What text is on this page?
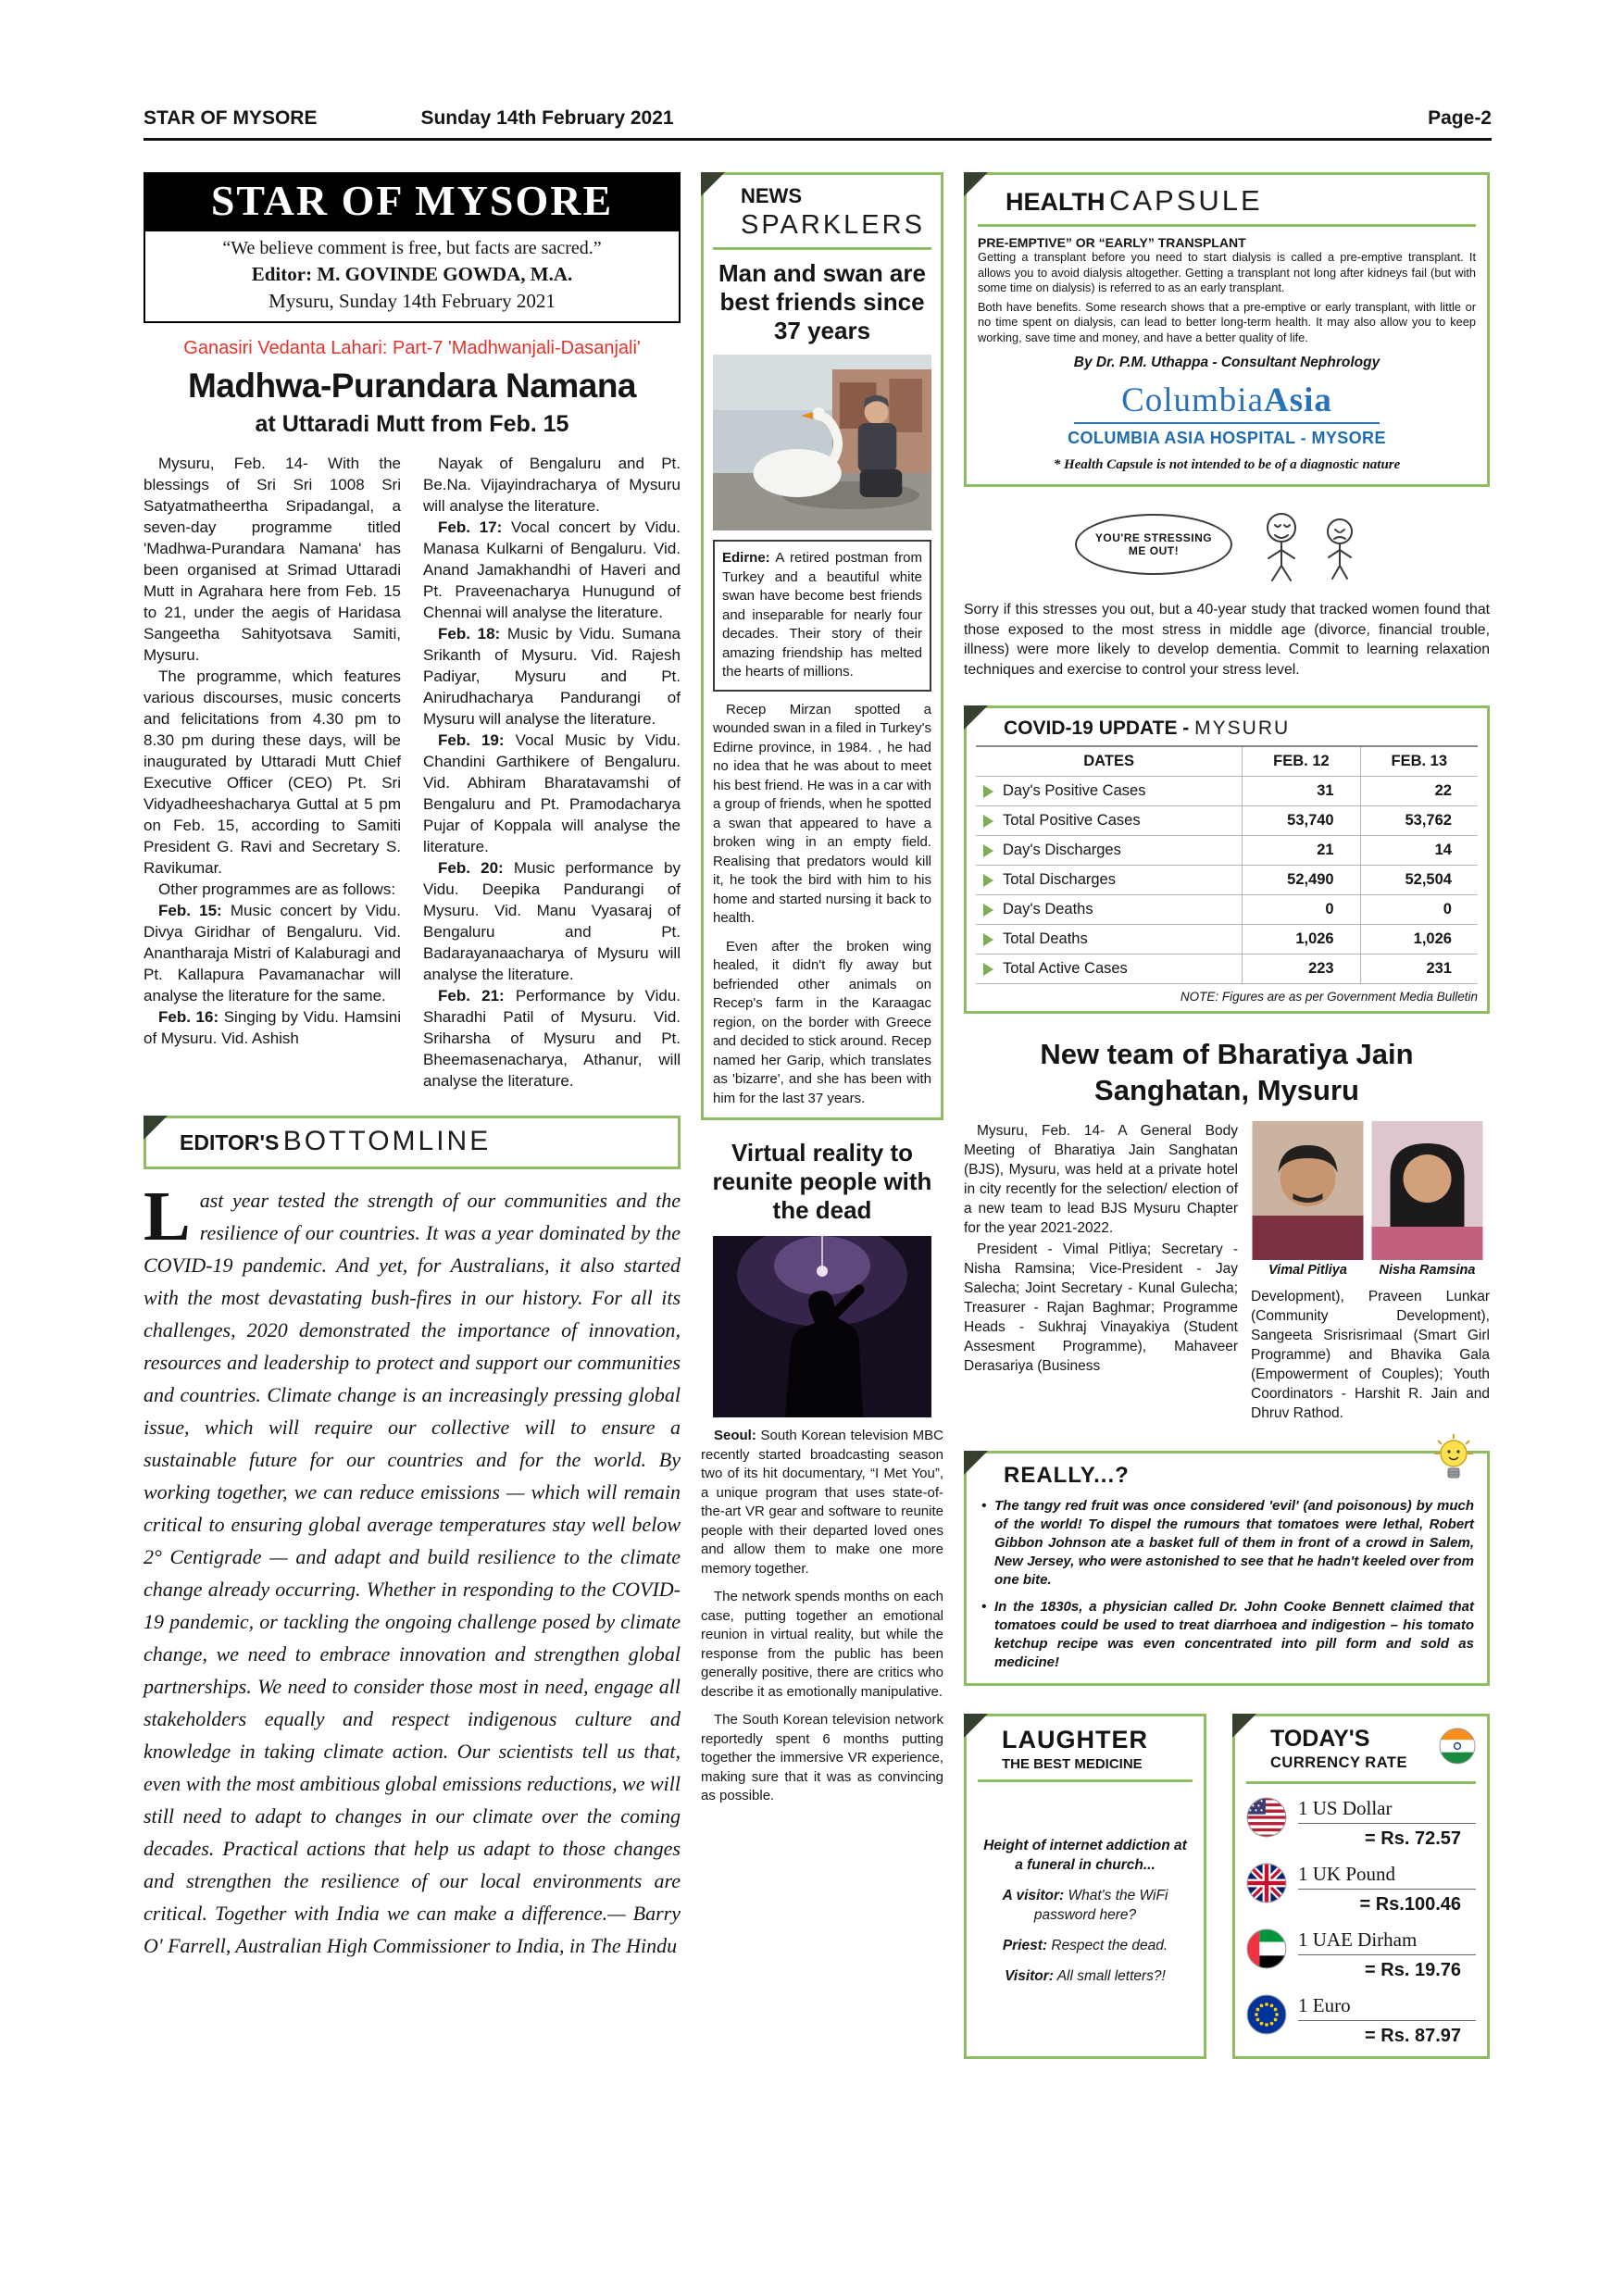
STAR OF MYSORE	Sunday 14th February 2021	Page-2
STAR OF MYSORE
“We believe comment is free, but facts are sacred.”
Editor: M. GOVINDE GOWDA, M.A.
Mysuru, Sunday 14th February 2021
Ganasiri Vedanta Lahari: Part-7 'Madhwanjali-Dasanjali'
Madhwa-Purandara Namana
at Uttaradi Mutt from Feb. 15

Mysuru, Feb. 14- With the blessings of Sri Sri 1008 Sri Satyatmatheertha Sripadangal, a seven-day programme titled 'Madhwa-Purandara Namana' has been organised at Srimad Uttaradi Mutt in Agrahara here from Feb. 15 to 21, under the aegis of Haridasa Sangeetha Sahityotsava Samiti, Mysuru.

The programme, which features various discourses, music concerts and felicitations from 4.30 pm to 8.30 pm during these days, will be inaugurated by Uttaradi Mutt Chief Executive Officer (CEO) Pt. Sri Vidyadheeshacharya Guttal at 5 pm on Feb. 15, according to Samiti President G. Ravi and Secretary S. Ravikumar.

Other programmes are as follows:

Feb. 15: Music concert by Vidu. Divya Giridhar of Bengaluru. Vid. Anantharaja Mistri of Kalaburagi and Pt. Kallapura Pavamanachar will analyse the literature for the same.

Feb. 16: Singing by Vidu. Hamsini of Mysuru. Vid. Ashish

Nayak of Bengaluru and Pt. Be.Na. Vijayindracharya of Mysuru will analyse the literature.

Feb. 17: Vocal concert by Vidu. Manasa Kulkarni of Bengaluru. Vid. Anand Jamakhandhi of Haveri and Pt. Praveenacharya Hunugund of Chennai will analyse the literature.

Feb. 18: Music by Vidu. Sumana Srikanth of Mysuru. Vid. Rajesh Padiyar, Mysuru and Pt. Anirudhacharya Pandurangi of Mysuru will analyse the literature.

Feb. 19: Vocal Music by Vidu. Chandini Garthikere of Bengaluru. Vid. Abhiram Bharatavamshi of Bengaluru and Pt. Pramodacharya Pujar of Koppala will analyse the literature.

Feb. 20: Music performance by Vidu. Deepika Pandurangi of Mysuru. Vid. Manu Vyasaraj of Bengaluru and Pt. Badarayanaacharya of Mysuru will analyse the literature.

Feb. 21: Performance by Vidu. Sharadhi Patil of Mysuru. Vid. Sriharsha of Mysuru and Pt. Bheemasenacharya, Athanur, will analyse the literature.

EDITOR'S BOTTOMLINE

Last year tested the strength of our communities and the resilience of our countries. It was a year dominated by the COVID-19 pandemic. And yet, for Australians, it also started with the most devastating bush-fires in our history. For all its challenges, 2020 demonstrated the importance of innovation, resources and leadership to protect and support our communities and countries. Climate change is an increasingly pressing global issue, which will require our collective will to ensure a sustainable future for our countries and for the world. By working together, we can reduce emissions — which will remain critical to ensuring global average temperatures stay well below 2° Centigrade — and adapt and build resilience to the climate change already occurring. Whether in responding to the COVID-19 pandemic, or tackling the ongoing challenge posed by climate change, we need to embrace innovation and strengthen global partnerships. We need to consider those most in need, engage all stakeholders equally and respect indigenous culture and knowledge in taking climate action. Our scientists tell us that, even with the most ambitious global emissions reductions, we will still need to adapt to changes in our climate over the coming decades. Practical actions that help us adapt to those changes and strengthen the resilience of our local environments are critical. Together with India we can make a difference.— Barry O' Farrell, Australian High Commissioner to India, in The Hindu

NEWS
SPARKLERS
Man and swan are best friends since 37 years

Edirne: A retired postman from Turkey and a beautiful white swan have become best friends and inseparable for nearly four decades. Their story of their amazing friendship has melted the hearts of millions.

Recep Mirzan spotted a wounded swan in a filed in Turkey's Edirne province, in 1984. , he had no idea that he was about to meet his best friend. He was in a car with a group of friends, when he spotted a swan that appeared to have a broken wing in an empty field. Realising that predators would kill it, he took the bird with him to his home and started nursing it back to health.

Even after the broken wing healed, it didn't fly away but befriended other animals on Recep's farm in the Karaagac region, on the border with Greece and decided to stick around. Recep named her Garip, which translates as 'bizarre', and she has been with him for the last 37 years.

Virtual reality to reunite people with the dead

Seoul: South Korean television MBC recently started broadcasting season two of its hit documentary, “I Met You”, a unique program that uses state-of-the-art VR gear and software to reunite people with their departed loved ones and allow them to make one more memory together.

The network spends months on each case, putting together an emotional reunion in virtual reality, but while the response from the public has been generally positive, there are critics who describe it as emotionally manipulative.

The South Korean television network reportedly spent 6 months putting together the immersive VR experience, making sure that it was as convincing as possible.

HEALTH CAPSULE
PRE-EMPTIVE” OR “EARLY” TRANSPLANT

Getting a transplant before you need to start dialysis is called a pre-emptive transplant. It allows you to avoid dialysis altogether. Getting a transplant not long after kidneys fail (but with some time on dialysis) is referred to as an early transplant.

Both have benefits. Some research shows that a pre-emptive or early transplant, with little or no time spent on dialysis, can lead to better long-term health. It may also allow you to keep working, save time and money, and have a better quality of life.

By Dr. P.M. Uthappa - Consultant Nephrology
ColumbiaAsia
COLUMBIA ASIA HOSPITAL - MYSORE
* Health Capsule is not intended to be of a diagnostic nature
YOU'RE STRESSING ME OUT!

Sorry if this stresses you out, but a 40-year study that tracked women found that those exposed to the most stress in middle age (divorce, financial trouble, illness) were more likely to develop dementia. Commit to learning relaxation techniques and exercise to control your stress level.

COVID-19 UPDATE - MYSURU
DATES	FEB. 12	FEB. 13
Day's Positive Cases	31	22
Total Positive Cases	53,740	53,762
Day's Discharges	21	14
Total Discharges	52,490	52,504
Day's Deaths	0	0
Total Deaths	1,026	1,026
Total Active Cases	223	231
NOTE: Figures are as per Government Media Bulletin
New team of Bharatiya Jain Sanghatan, Mysuru

Mysuru, Feb. 14- A General Body Meeting of Bharatiya Jain Sanghatan (BJS), Mysuru, was held at a private hotel in city recently for the selection/ election of a new team to lead BJS Mysuru Chapter for the year 2021-2022.

President - Vimal Pitliya; Secretary - Nisha Ramsina; Vice-President - Jay Salecha; Joint Secretary - Kunal Gulecha; Treasurer - Rajan Baghmar; Programme Heads - Sukhraj Vinayakiya (Student Assesment Programme), Mahaveer Derasariya (Business

Vimal Pitliya	Nisha Ramsina

Development), Praveen Lunkar (Community Development), Sangeeta Srisrisrimaal (Smart Girl Programme) and Bhavika Gala (Empowerment of Couples); Youth Coordinators - Harshit R. Jain and Dhruv Rathod.

REALLY...?
• The tangy red fruit was once considered 'evil' (and poisonous) by much of the world! To dispel the rumours that tomatoes were lethal, Robert Gibbon Johnson ate a basket full of them in front of a crowd in Salem, New Jersey, who were astonished to see that he hadn't keeled over from one bite.
• In the 1830s, a physician called Dr. John Cooke Bennett claimed that tomatoes could be used to treat diarrhoea and indigestion – his tomato ketchup recipe was even concentrated into pill form and sold as medicine!
LAUGHTER
THE BEST MEDICINE
Height of internet addiction at a funeral in church...
A visitor: What's the WiFi password here?
Priest: Respect the dead.
Visitor: All small letters?!
TODAY'S
CURRENCY RATE
1 US Dollar
= Rs. 72.57
1 UK Pound
= Rs.100.46
1 UAE Dirham
= Rs. 19.76
1 Euro
= Rs. 87.97
